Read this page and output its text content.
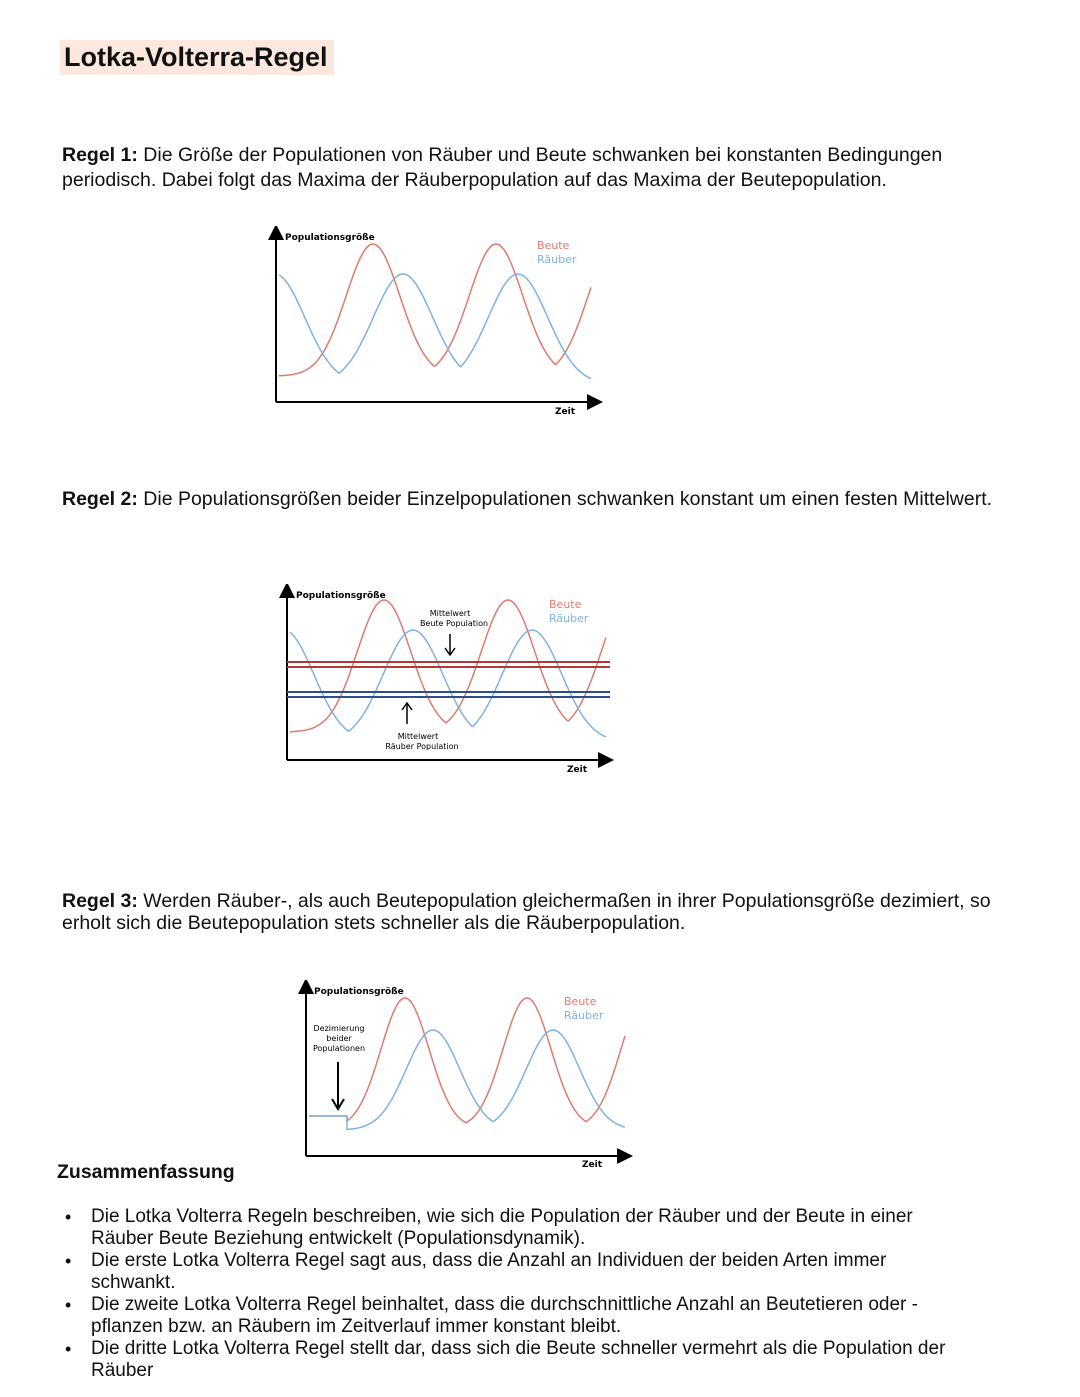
Lotka-Volterra-Regel
Regel 1: Die Größe der Populationen von Räuber und Beute schwanken bei konstanten Bedingungen periodisch. Dabei folgt das Maxima der Räuberpopulation auf das Maxima der Beutepopulation.
Populationsgröße
Beute
Räuber
Zeit
Regel 2: Die Populationsgrößen beider Einzelpopulationen schwanken konstant um einen festen Mittelwert.
Populationsgröße
Mittelwert
Beute Population
Mittelwert
Räuber Population
Beute
Räuber
Zeit
Regel 3: Werden Räuber-, als auch Beutepopulation gleichermaßen in ihrer Populationsgröße dezimiert, so erholt sich die Beutepopulation stets schneller als die Räuberpopulation.
Populationsgröße
Dezimierung
beider
Populationen
Beute
Räuber
Zeit
Zusammenfassung
• Die Lotka Volterra Regeln beschreiben, wie sich die Population der Räuber und der Beute in einer Räuber Beute Beziehung entwickelt (Populationsdynamik).
• Die erste Lotka Volterra Regel sagt aus, dass die Anzahl an Individuen der beiden Arten immer schwankt.
• Die zweite Lotka Volterra Regel beinhaltet, dass die durchschnittliche Anzahl an Beutetieren oder -pflanzen bzw. an Räubern im Zeitverlauf immer konstant bleibt.
• Die dritte Lotka Volterra Regel stellt dar, dass sich die Beute schneller vermehrt als die Population der Räuber
